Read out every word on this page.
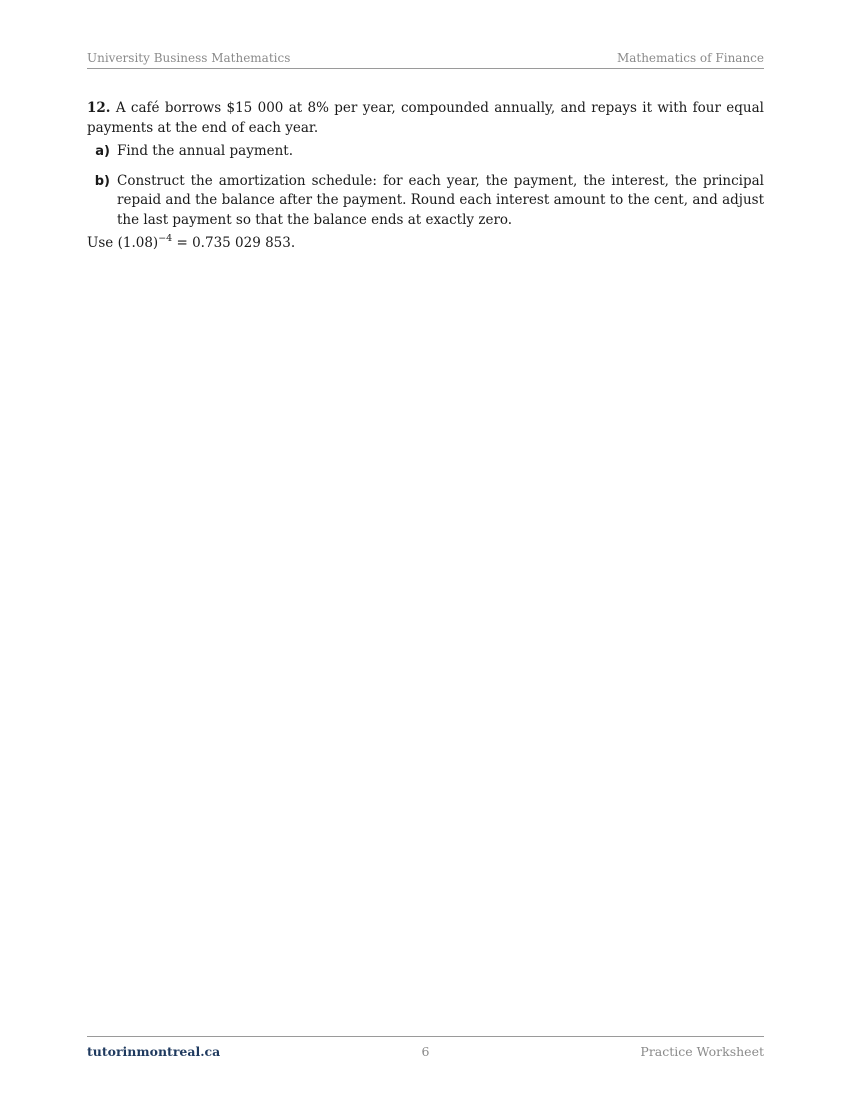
University Business Mathematics	Mathematics of Finance

12. A café borrows $15 000 at 8% per year, compounded annually, and repays it with four equal payments at the end of each year.

a) Find the annual payment.
b) Construct the amortization schedule: for each year, the payment, the interest, the principal repaid and the balance after the payment. Round each interest amount to the cent, and adjust the last payment so that the balance ends at exactly zero.
Use $(1.08)^{-4} = 0.735$ 029 853.
tutorinmontreal.ca	6	Practice Worksheet
